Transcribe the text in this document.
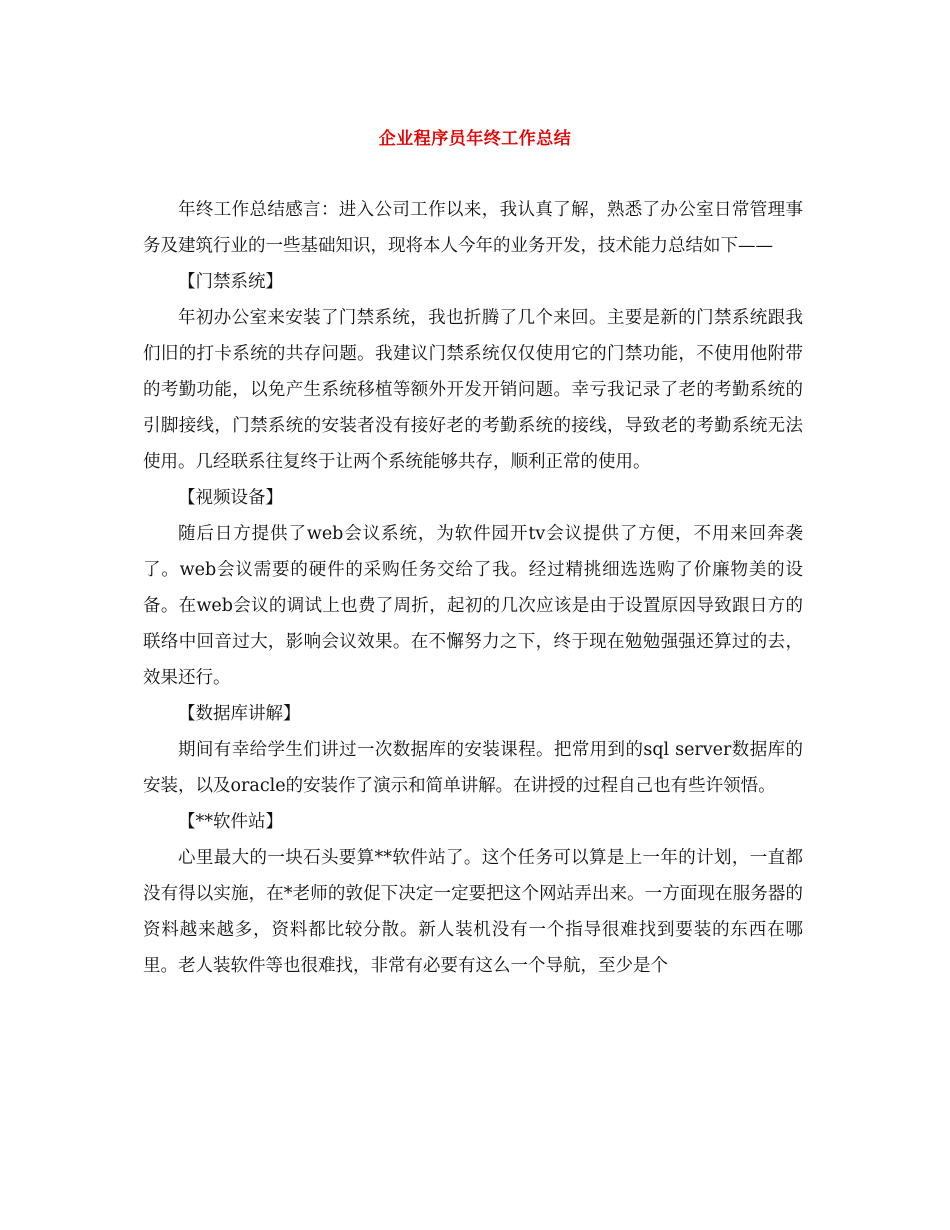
企业程序员年终工作总结

年终工作总结感言：进入公司工作以来，我认真了解，熟悉了办公室日常管理事务及建筑行业的一些基础知识，现将本人今年的业务开发，技术能力总结如下——

【门禁系统】

年初办公室来安装了门禁系统，我也折腾了几个来回。主要是新的门禁系统跟我们旧的打卡系统的共存问题。我建议门禁系统仅仅使用它的门禁功能，不使用他附带的考勤功能，以免产生系统移植等额外开发开销问题。幸亏我记录了老的考勤系统的引脚接线，门禁系统的安装者没有接好老的考勤系统的接线，导致老的考勤系统无法使用。几经联系往复终于让两个系统能够共存，顺利正常的使用。

【视频设备】

随后日方提供了web会议系统，为软件园开tv会议提供了方便，不用来回奔袭了。web会议需要的硬件的采购任务交给了我。经过精挑细选选购了价廉物美的设备。在web会议的调试上也费了周折，起初的几次应该是由于设置原因导致跟日方的联络中回音过大，影响会议效果。在不懈努力之下，终于现在勉勉强强还算过的去，效果还行。

【数据库讲解】

期间有幸给学生们讲过一次数据库的安装课程。把常用到的sql server数据库的安装，以及oracle的安装作了演示和简单讲解。在讲授的过程自己也有些许领悟。

【**软件站】

心里最大的一块石头要算**软件站了。这个任务可以算是上一年的计划，一直都没有得以实施，在*老师的敦促下决定一定要把这个网站弄出来。一方面现在服务器的资料越来越多，资料都比较分散。新人装机没有一个指导很难找到要装的东西在哪里。老人装软件等也很难找，非常有必要有这么一个导航，至少是个
